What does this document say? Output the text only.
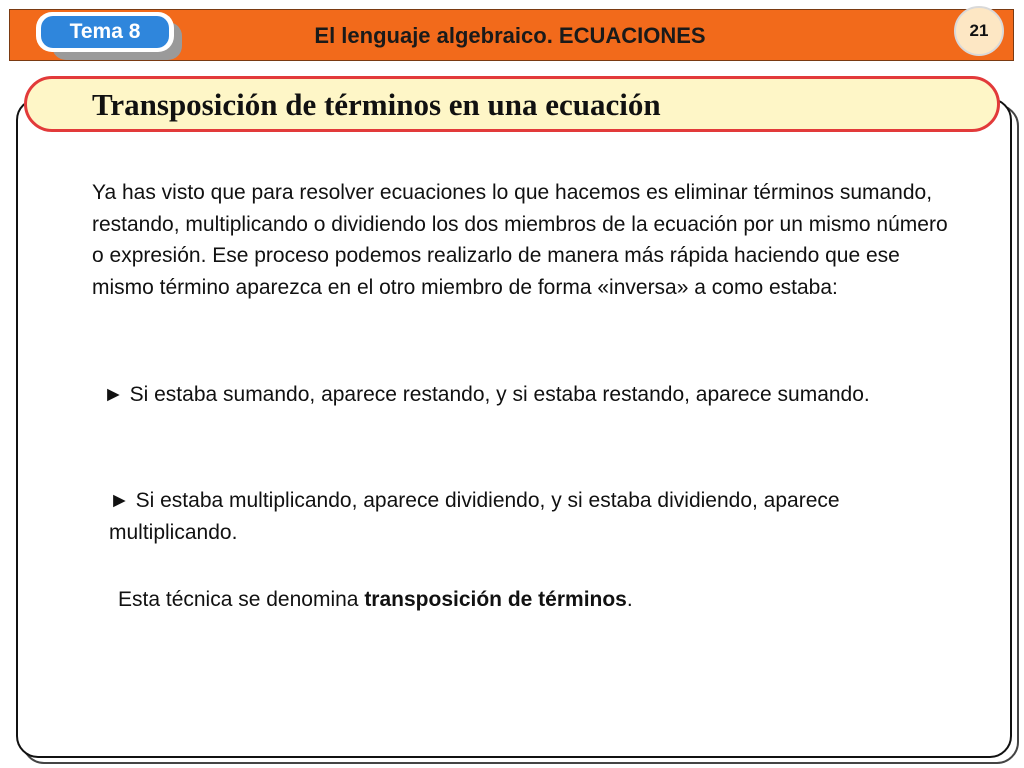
Tema 8	El lenguaje algebraico. ECUACIONES	21
Transposición de términos en una ecuación
Ya has visto que para resolver ecuaciones lo que hacemos es eliminar términos sumando, restando, multiplicando o dividiendo los dos miembros de la ecuación por un mismo número o expresión. Ese proceso podemos realizarlo de manera más rápida haciendo que ese mismo término aparezca en el otro miembro de forma «inversa» a como estaba:
► Si estaba sumando, aparece restando, y si estaba restando, aparece sumando.
► Si estaba multiplicando, aparece dividiendo, y si estaba dividiendo, aparece multiplicando.
Esta técnica se denomina transposición de términos.
